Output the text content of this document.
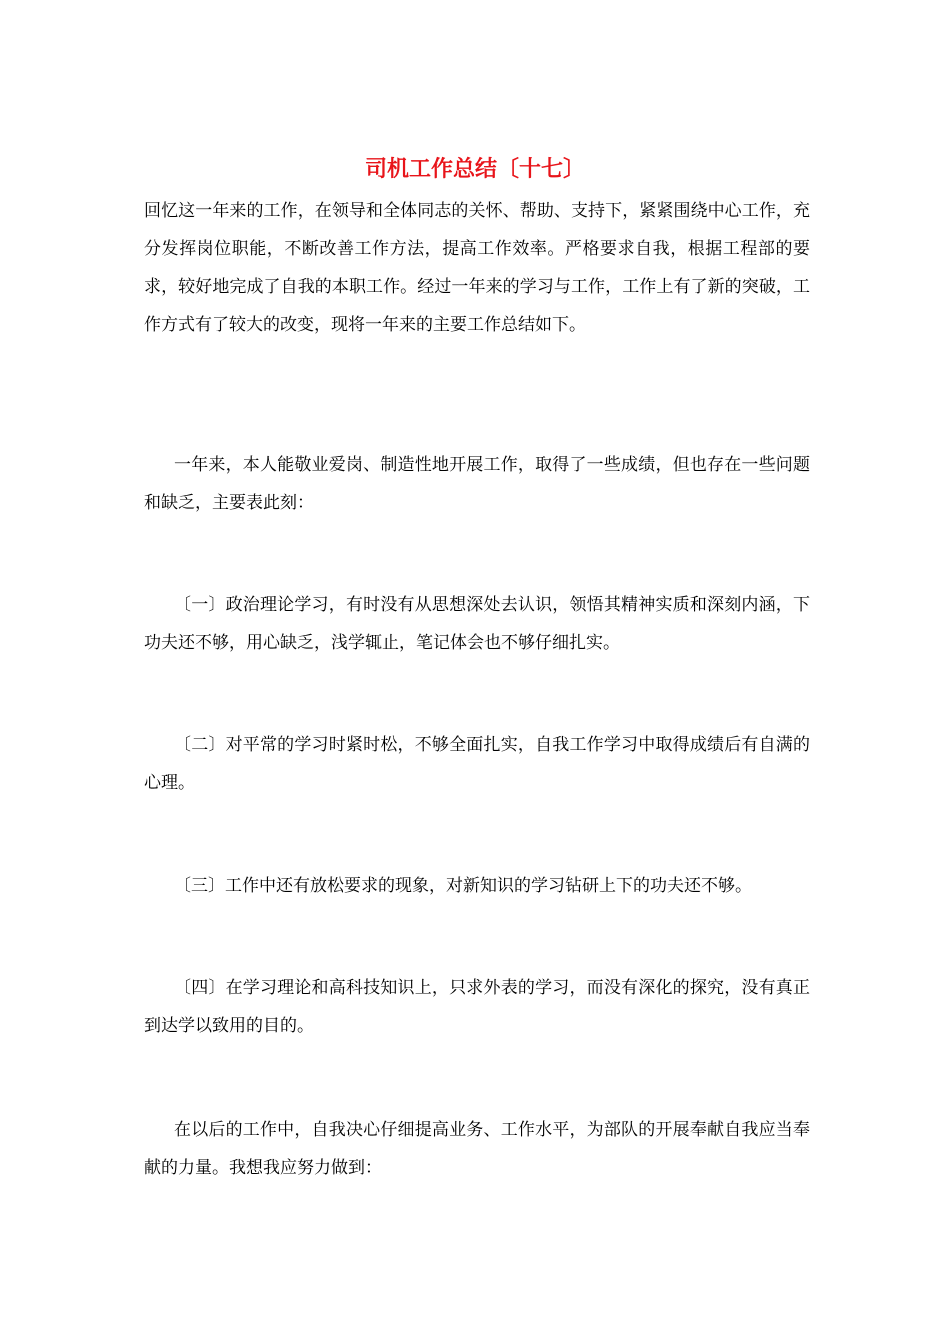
司机工作总结〔十七〕

回忆这一年来的工作，在领导和全体同志的关怀、帮助、支持下，紧紧围绕中心工作，充分发挥岗位职能，不断改善工作方法，提高工作效率。严格要求自我，根据工程部的要求，较好地完成了自我的本职工作。经过一年来的学习与工作，工作上有了新的突破，工作方式有了较大的改变，现将一年来的主要工作总结如下。

一年来，本人能敬业爱岗、制造性地开展工作，取得了一些成绩，但也存在一些问题和缺乏，主要表此刻：

〔一〕政治理论学习，有时没有从思想深处去认识，领悟其精神实质和深刻内涵，下功夫还不够，用心缺乏，浅学辄止，笔记体会也不够仔细扎实。

〔二〕对平常的学习时紧时松，不够全面扎实，自我工作学习中取得成绩后有自满的心理。

〔三〕工作中还有放松要求的现象，对新知识的学习钻研上下的功夫还不够。

〔四〕在学习理论和高科技知识上，只求外表的学习，而没有深化的探究，没有真正到达学以致用的目的。

在以后的工作中，自我决心仔细提高业务、工作水平，为部队的开展奉献自我应当奉献的力量。我想我应努力做到：
